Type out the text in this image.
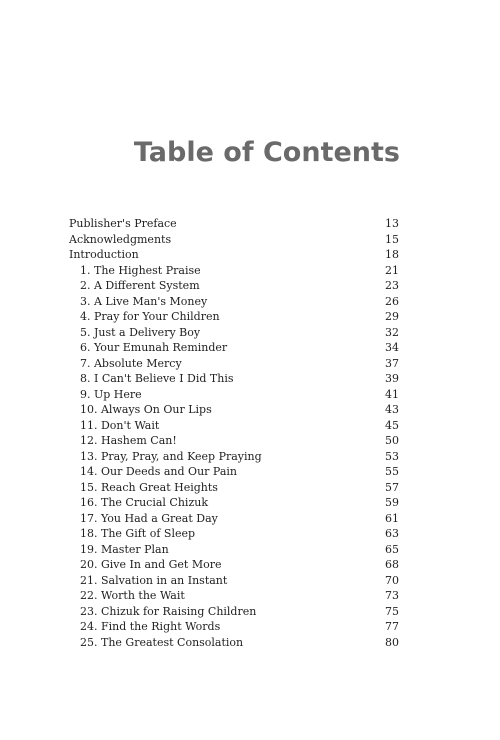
Table of Contents
Publisher's Preface	13
Acknowledgments	15
Introduction	18
1. The Highest Praise	21
2. A Different System	23
3. A Live Man's Money	26
4. Pray for Your Children	29
5. Just a Delivery Boy	32
6. Your Emunah Reminder	34
7. Absolute Mercy	37
8. I Can't Believe I Did This	39
9. Up Here	41
10. Always On Our Lips	43
11. Don't Wait	45
12. Hashem Can!	50
13. Pray, Pray, and Keep Praying	53
14. Our Deeds and Our Pain	55
15. Reach Great Heights	57
16. The Crucial Chizuk	59
17. You Had a Great Day	61
18. The Gift of Sleep	63
19. Master Plan	65
20. Give In and Get More	68
21. Salvation in an Instant	70
22. Worth the Wait	73
23. Chizuk for Raising Children	75
24. Find the Right Words	77
25. The Greatest Consolation	80
